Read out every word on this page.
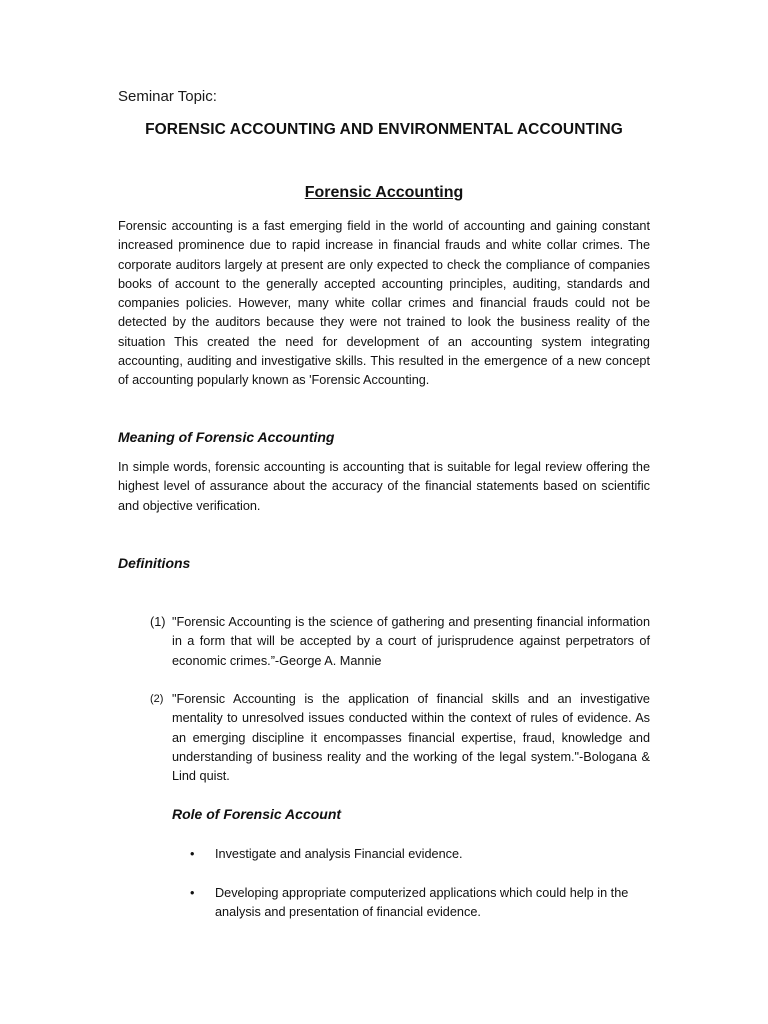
Seminar Topic:
FORENSIC ACCOUNTING AND ENVIRONMENTAL ACCOUNTING
Forensic Accounting
Forensic accounting is a fast emerging field in the world of accounting and gaining constant increased prominence due to rapid increase in financial frauds and white collar crimes. The corporate auditors largely at present are only expected to check the compliance of companies books of account to the generally accepted accounting principles, auditing, standards and companies policies. However, many white collar crimes and financial frauds could not be detected by the auditors because they were not trained to look the business reality of the situation This created the need for development of an accounting system integrating accounting, auditing and investigative skills. This resulted in the emergence of a new concept of accounting popularly known as 'Forensic Accounting.
Meaning of Forensic Accounting
In simple words, forensic accounting is accounting that is suitable for legal review offering the highest level of assurance about the accuracy of the financial statements based on scientific and objective verification.
Definitions
(1) "Forensic Accounting is the science of gathering and presenting financial information in a form that will be accepted by a court of jurisprudence against perpetrators of economic crimes.”-George A. Mannie
(2) "Forensic Accounting is the application of financial skills and an investigative mentality to unresolved issues conducted within the context of rules of evidence. As an emerging discipline it encompasses financial expertise, fraud, knowledge and understanding of business reality and the working of the legal system."-Bologana & Lind quist.
Role of Forensic Account
• Investigate and analysis Financial evidence.
• Developing appropriate computerized applications which could help in the analysis and presentation of financial evidence.
